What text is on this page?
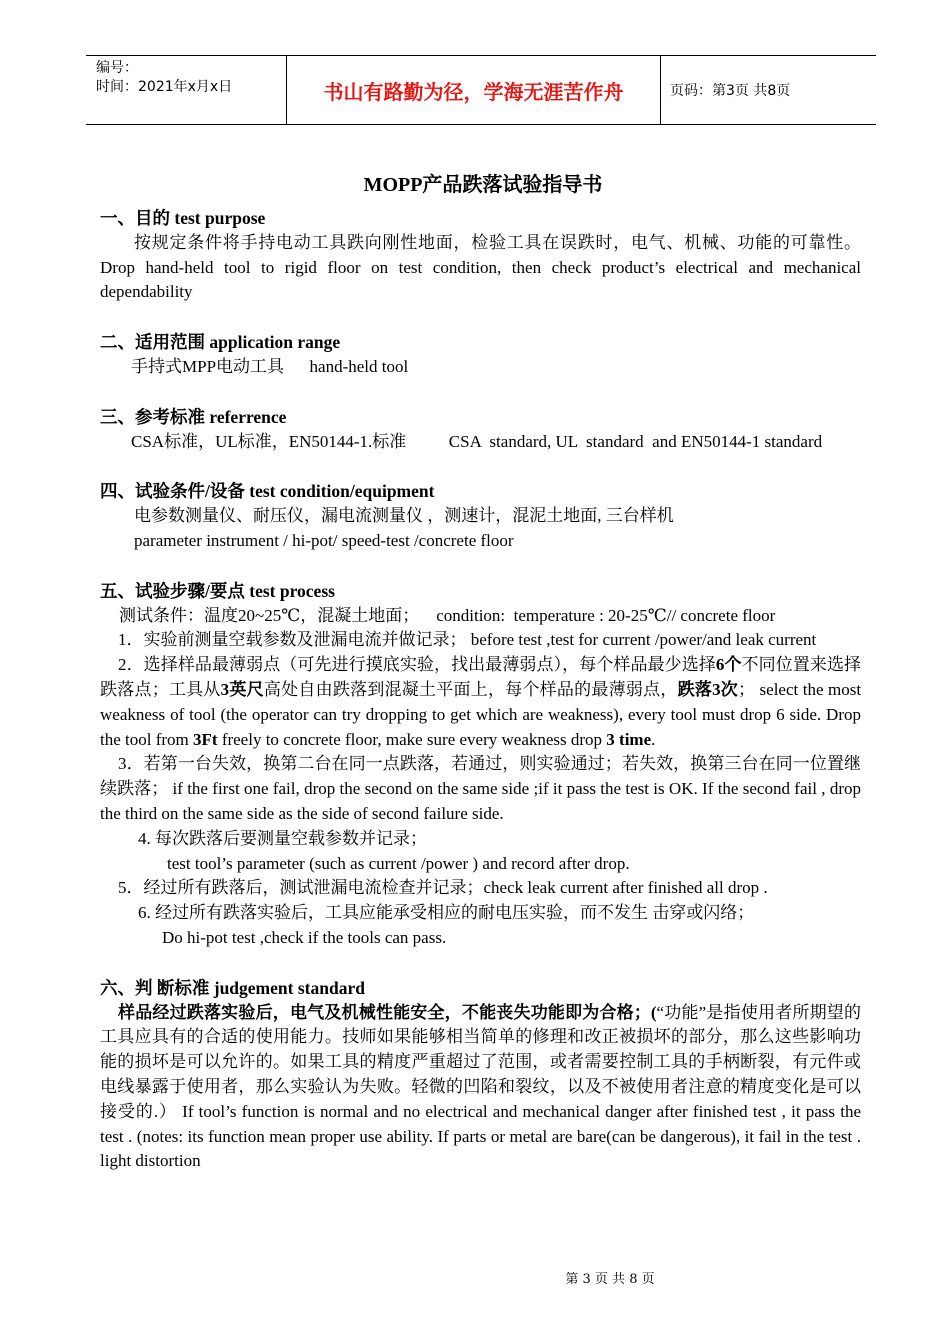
编号：
时间：2021年x月x日	书山有路勤为径，学海无涯苦作舟	页码：第3页 共8页
MOPP产品跌落试验指导书
一、目的 test purpose
按规定条件将手持电动工具跌向刚性地面，检验工具在误跌时，电气、机械、功能的可靠性。Drop hand-held tool to rigid floor on test condition, then check product’s electrical and mechanical dependability
二、适用范围 application range
手持式MPP电动工具      hand-held tool
三、参考标准 referrence
CSA标准，UL标准，EN50144-1.标准          CSA  standard, UL  standard  and EN50144-1 standard
四、试验条件/设备 test condition/equipment
电参数测量仪、耐压仪，漏电流测量仪 ，测速计，混泥土地面, 三台样机
parameter instrument / hi-pot/ speed-test /concrete floor
五、试验步骤/要点 test process
测试条件：温度20~25℃，混凝土地面；    condition:  temperature : 20-25℃// concrete floor
1．实验前测量空载参数及泄漏电流并做记录； before test ,test for current /power/and leak current
2．选择样品最薄弱点（可先进行摸底实验，找出最薄弱点），每个样品最少选择6个不同位置来选择跌落点；工具从3英尺高处自由跌落到混凝土平面上，每个样品的最薄弱点，跌落3次； select the most weakness of tool (the operator can try dropping to get which are weakness), every tool must drop 6 side. Drop the tool from 3Ft freely to concrete floor, make sure every weakness drop 3 time.
3．若第一台失效，换第二台在同一点跌落，若通过，则实验通过；若失效，换第三台在同一位置继续跌落； if the first one fail, drop the second on the same side ;if it pass the test is OK. If the second fail , drop the third on the same side as the side of second failure side.
4. 每次跌落后要测量空载参数并记录；
test tool’s parameter (such as current /power ) and record after drop.
5．经过所有跌落后，测试泄漏电流检查并记录；check leak current after finished all drop .
6. 经过所有跌落实验后，工具应能承受相应的耐电压实验，而不发生 击穿或闪络；
Do hi-pot test ,check if the tools can pass.
六、判 断标准 judgement standard
样品经过跌落实验后，电气及机械性能安全，不能丧失功能即为合格；(“功能”是指使用者所期望的工具应具有的合适的使用能力。技师如果能够相当简单的修理和改正被损坏的部分，那么这些影响功能的损坏是可以允许的。如果工具的精度严重超过了范围，或者需要控制工具的手柄断裂，有元件或电线暴露于使用者，那么实验认为失败。轻微的凹陷和裂纹，以及不被使用者注意的精度变化是可以接受的.） If tool’s function is normal and no electrical and mechanical danger after finished test , it pass the test . (notes: its function mean proper use ability. If parts or metal are bare(can be dangerous), it fail in the test . light distortion
第 3 页 共 8 页
